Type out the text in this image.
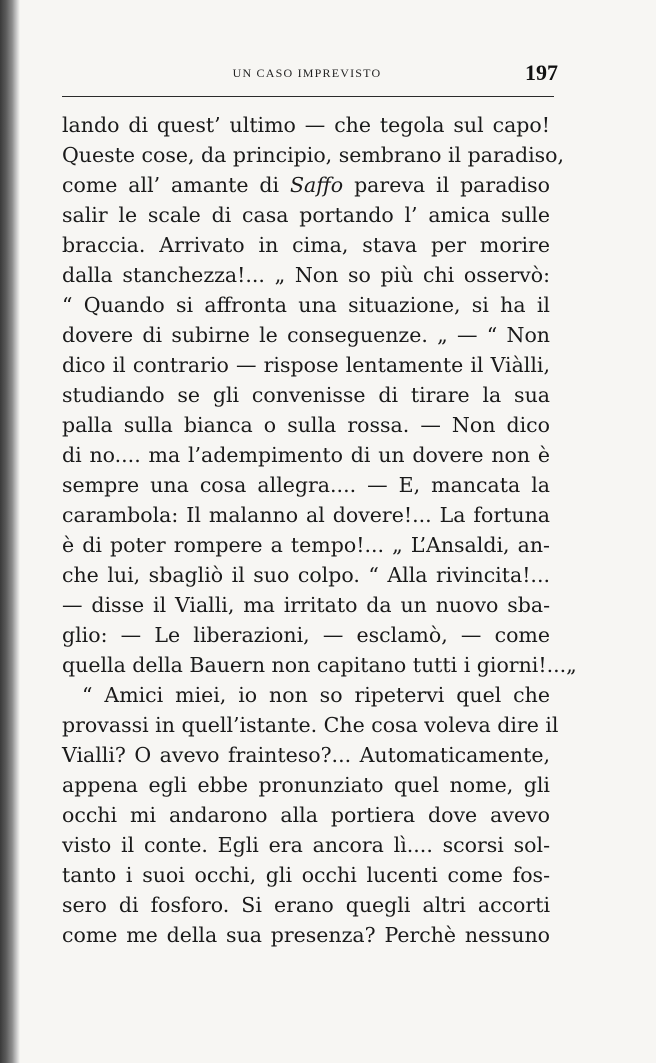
UN CASO IMPREVISTO	197
lando di quest’ ultimo — che tegola sul capo!
Queste cose, da principio, sembrano il paradiso,
come all’ amante di Saffo pareva il paradiso
salir le scale di casa portando l’ amica sulle
braccia. Arrivato in cima, stava per morire
dalla stanchezza!... „ Non so più chi osservò:
“ Quando si affronta una situazione, si ha il
dovere di subirne le conseguenze. „ — “ Non
dico il contrario — rispose lentamente il Viàlli,
studiando se gli convenisse di tirare la sua
palla sulla bianca o sulla rossa. — Non dico
di no.... ma l’adempimento di un dovere non è
sempre una cosa allegra.... — E, mancata la
carambola: Il malanno al dovere!... La fortuna
è di poter rompere a tempo!... „ L’Ansaldi, an-
che lui, sbagliò il suo colpo. “ Alla rivincita!...
— disse il Vialli, ma irritato da un nuovo sba-
glio: — Le liberazioni, — esclamò, — come
quella della Bauern non capitano tutti i giorni!...„
“ Amici miei, io non so ripetervi quel che
provassi in quell’istante. Che cosa voleva dire il
Vialli? O avevo frainteso?... Automaticamente,
appena egli ebbe pronunziato quel nome, gli
occhi mi andarono alla portiera dove avevo
visto il conte. Egli era ancora lì.... scorsi sol-
tanto i suoi occhi, gli occhi lucenti come fos-
sero di fosforo. Si erano quegli altri accorti
come me della sua presenza? Perchè nessuno
